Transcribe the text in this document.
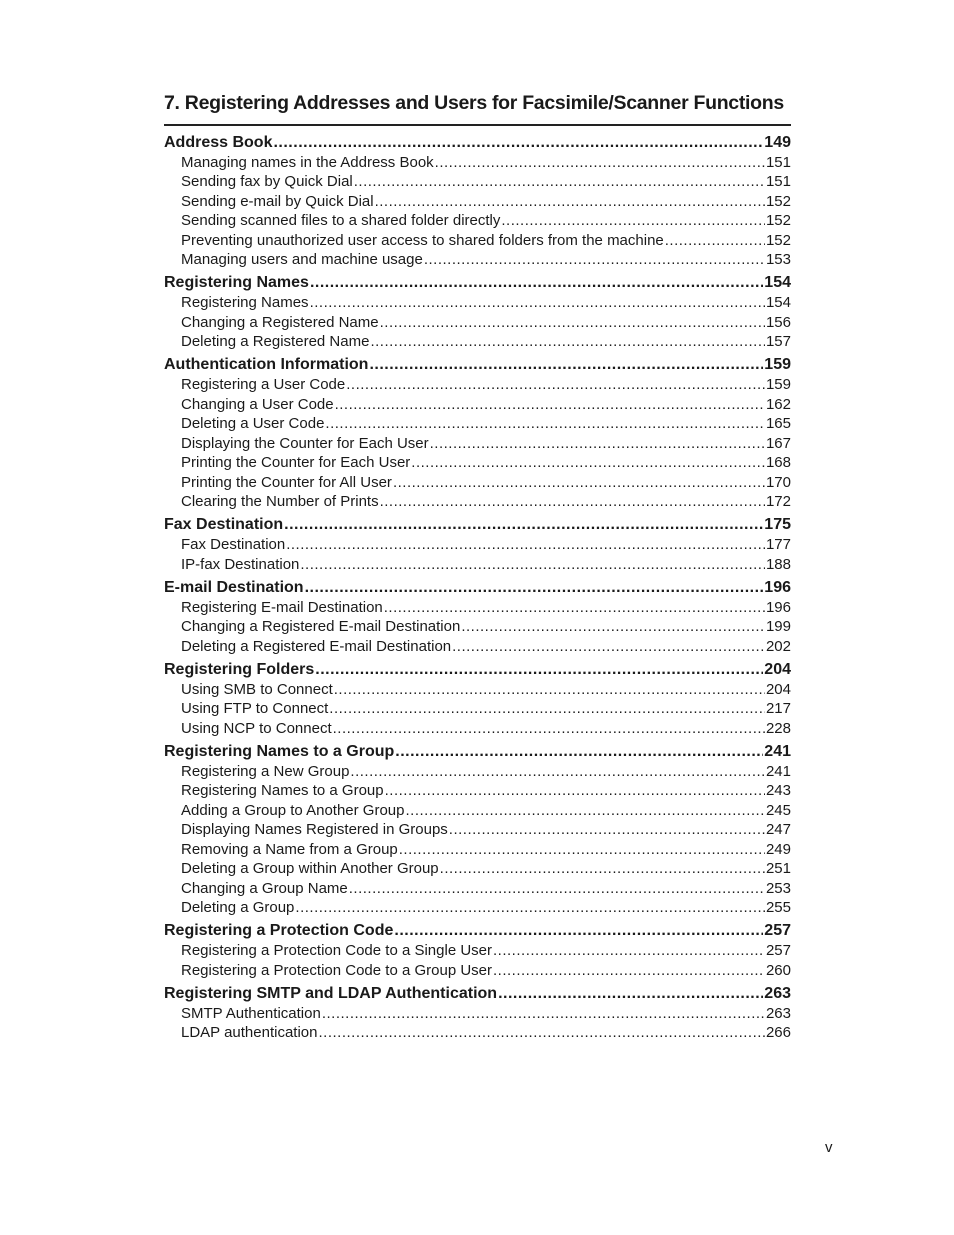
7. Registering Addresses and Users for Facsimile/Scanner Functions
Address Book .....	149
Managing names in the Address Book .....	151
Sending fax by Quick Dial .....	151
Sending e-mail by Quick Dial .....	152
Sending scanned files to a shared folder directly .....	152
Preventing unauthorized user access to shared folders from the machine .....	152
Managing users and machine usage .....	153
Registering Names .....	154
Registering Names .....	154
Changing a Registered Name .....	156
Deleting a Registered Name .....	157
Authentication Information .....	159
Registering a User Code .....	159
Changing a User Code .....	162
Deleting a User Code .....	165
Displaying the Counter for Each User .....	167
Printing the Counter for Each User .....	168
Printing the Counter for All User .....	170
Clearing the Number of Prints .....	172
Fax Destination .....	175
Fax Destination .....	177
IP-fax Destination .....	188
E-mail Destination .....	196
Registering E-mail Destination .....	196
Changing a Registered E-mail Destination .....	199
Deleting a Registered E-mail Destination .....	202
Registering Folders .....	204
Using SMB to Connect .....	204
Using FTP to Connect .....	217
Using NCP to Connect .....	228
Registering Names to a Group .....	241
Registering a New Group .....	241
Registering Names to a Group .....	243
Adding a Group to Another Group .....	245
Displaying Names Registered in Groups .....	247
Removing a Name from a Group .....	249
Deleting a Group within Another Group .....	251
Changing a Group Name .....	253
Deleting a Group .....	255
Registering a Protection Code .....	257
Registering a Protection Code to a Single User .....	257
Registering a Protection Code to a Group User .....	260
Registering SMTP and LDAP Authentication .....	263
SMTP Authentication .....	263
LDAP authentication .....	266
v
